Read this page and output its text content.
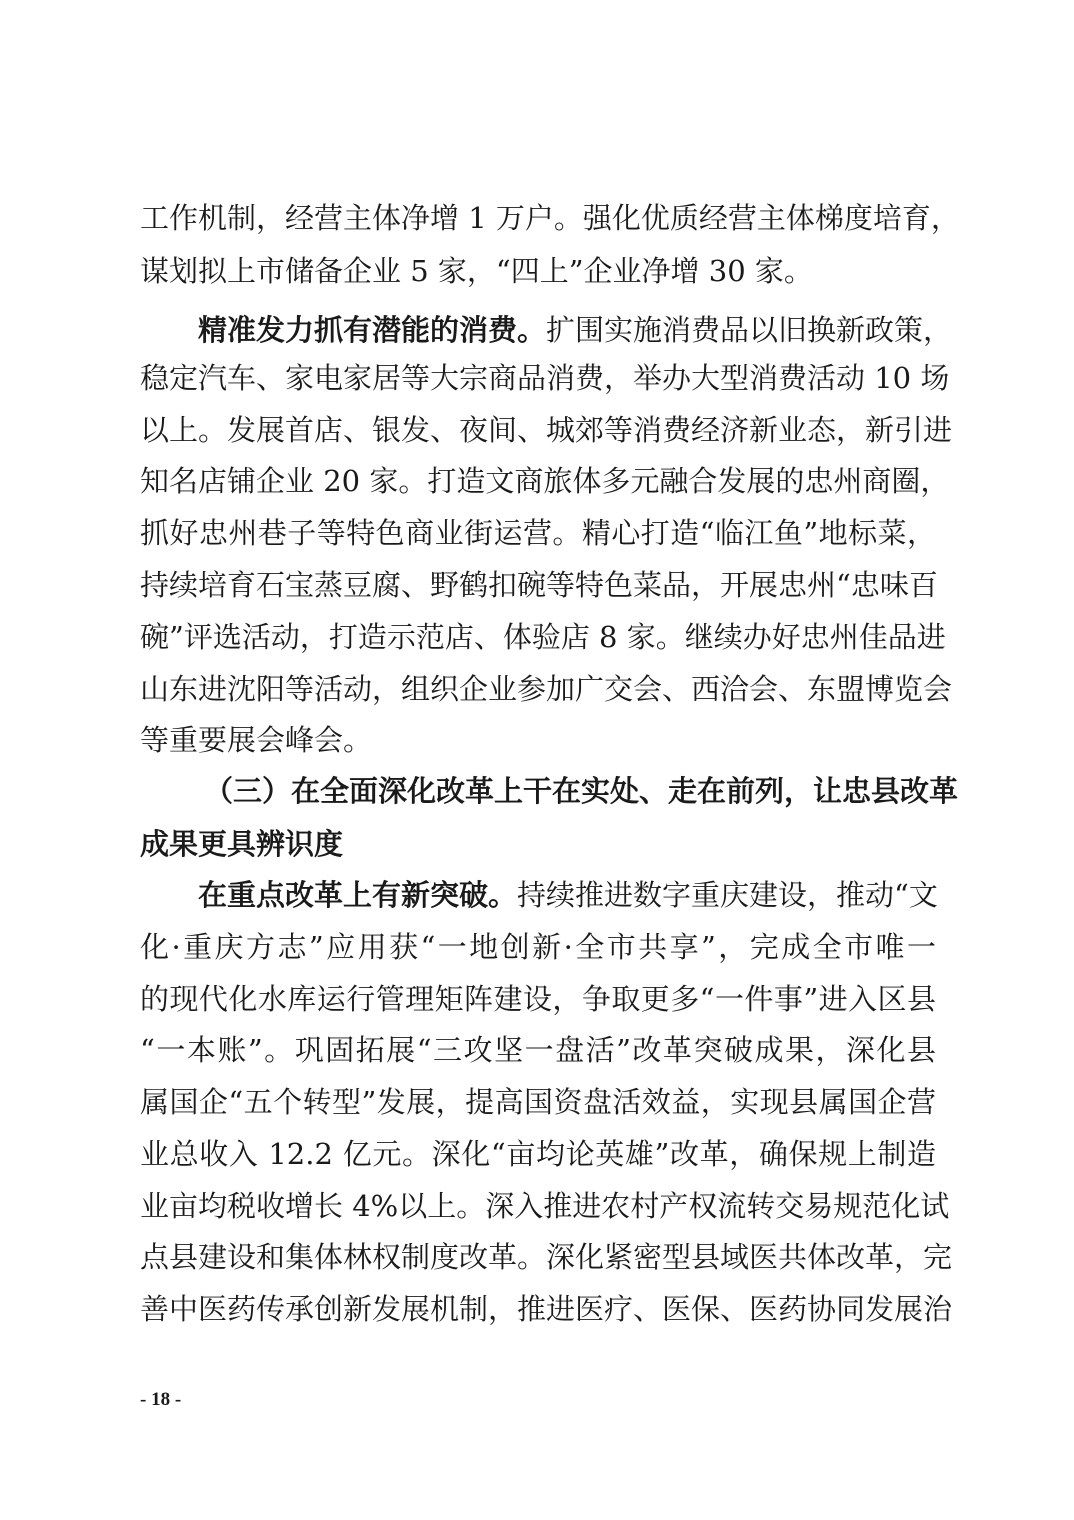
工作机制，经营主体净增 1 万户。强化优质经营主体梯度培育，

谋划拟上市储备企业 5 家，“四上”企业净增 30 家。

精准发力抓有潜能的消费。扩围实施消费品以旧换新政策，

稳定汽车、家电家居等大宗商品消费，举办大型消费活动 10 场

以上。发展首店、银发、夜间、城郊等消费经济新业态，新引进

知名店铺企业 20 家。打造文商旅体多元融合发展的忠州商圈，

抓好忠州巷子等特色商业街运营。精心打造“临江鱼”地标菜，

持续培育石宝蒸豆腐、野鹤扣碗等特色菜品，开展忠州“忠味百

碗”评选活动，打造示范店、体验店 8 家。继续办好忠州佳品进

山东进沈阳等活动，组织企业参加广交会、西洽会、东盟博览会

等重要展会峰会。

（三）在全面深化改革上干在实处、走在前列，让忠县改革

成果更具辨识度

在重点改革上有新突破。持续推进数字重庆建设，推动“文

化·重庆方志”应用获“一地创新·全市共享”，完成全市唯一

的现代化水库运行管理矩阵建设，争取更多“一件事”进入区县

“一本账”。巩固拓展“三攻坚一盘活”改革突破成果，深化县

属国企“五个转型”发展，提高国资盘活效益，实现县属国企营

业总收入 12.2 亿元。深化“亩均论英雄”改革，确保规上制造

业亩均税收增长 4%以上。深入推进农村产权流转交易规范化试

点县建设和集体林权制度改革。深化紧密型县域医共体改革，完

善中医药传承创新发展机制，推进医疗、医保、医药协同发展治

- 18 -
